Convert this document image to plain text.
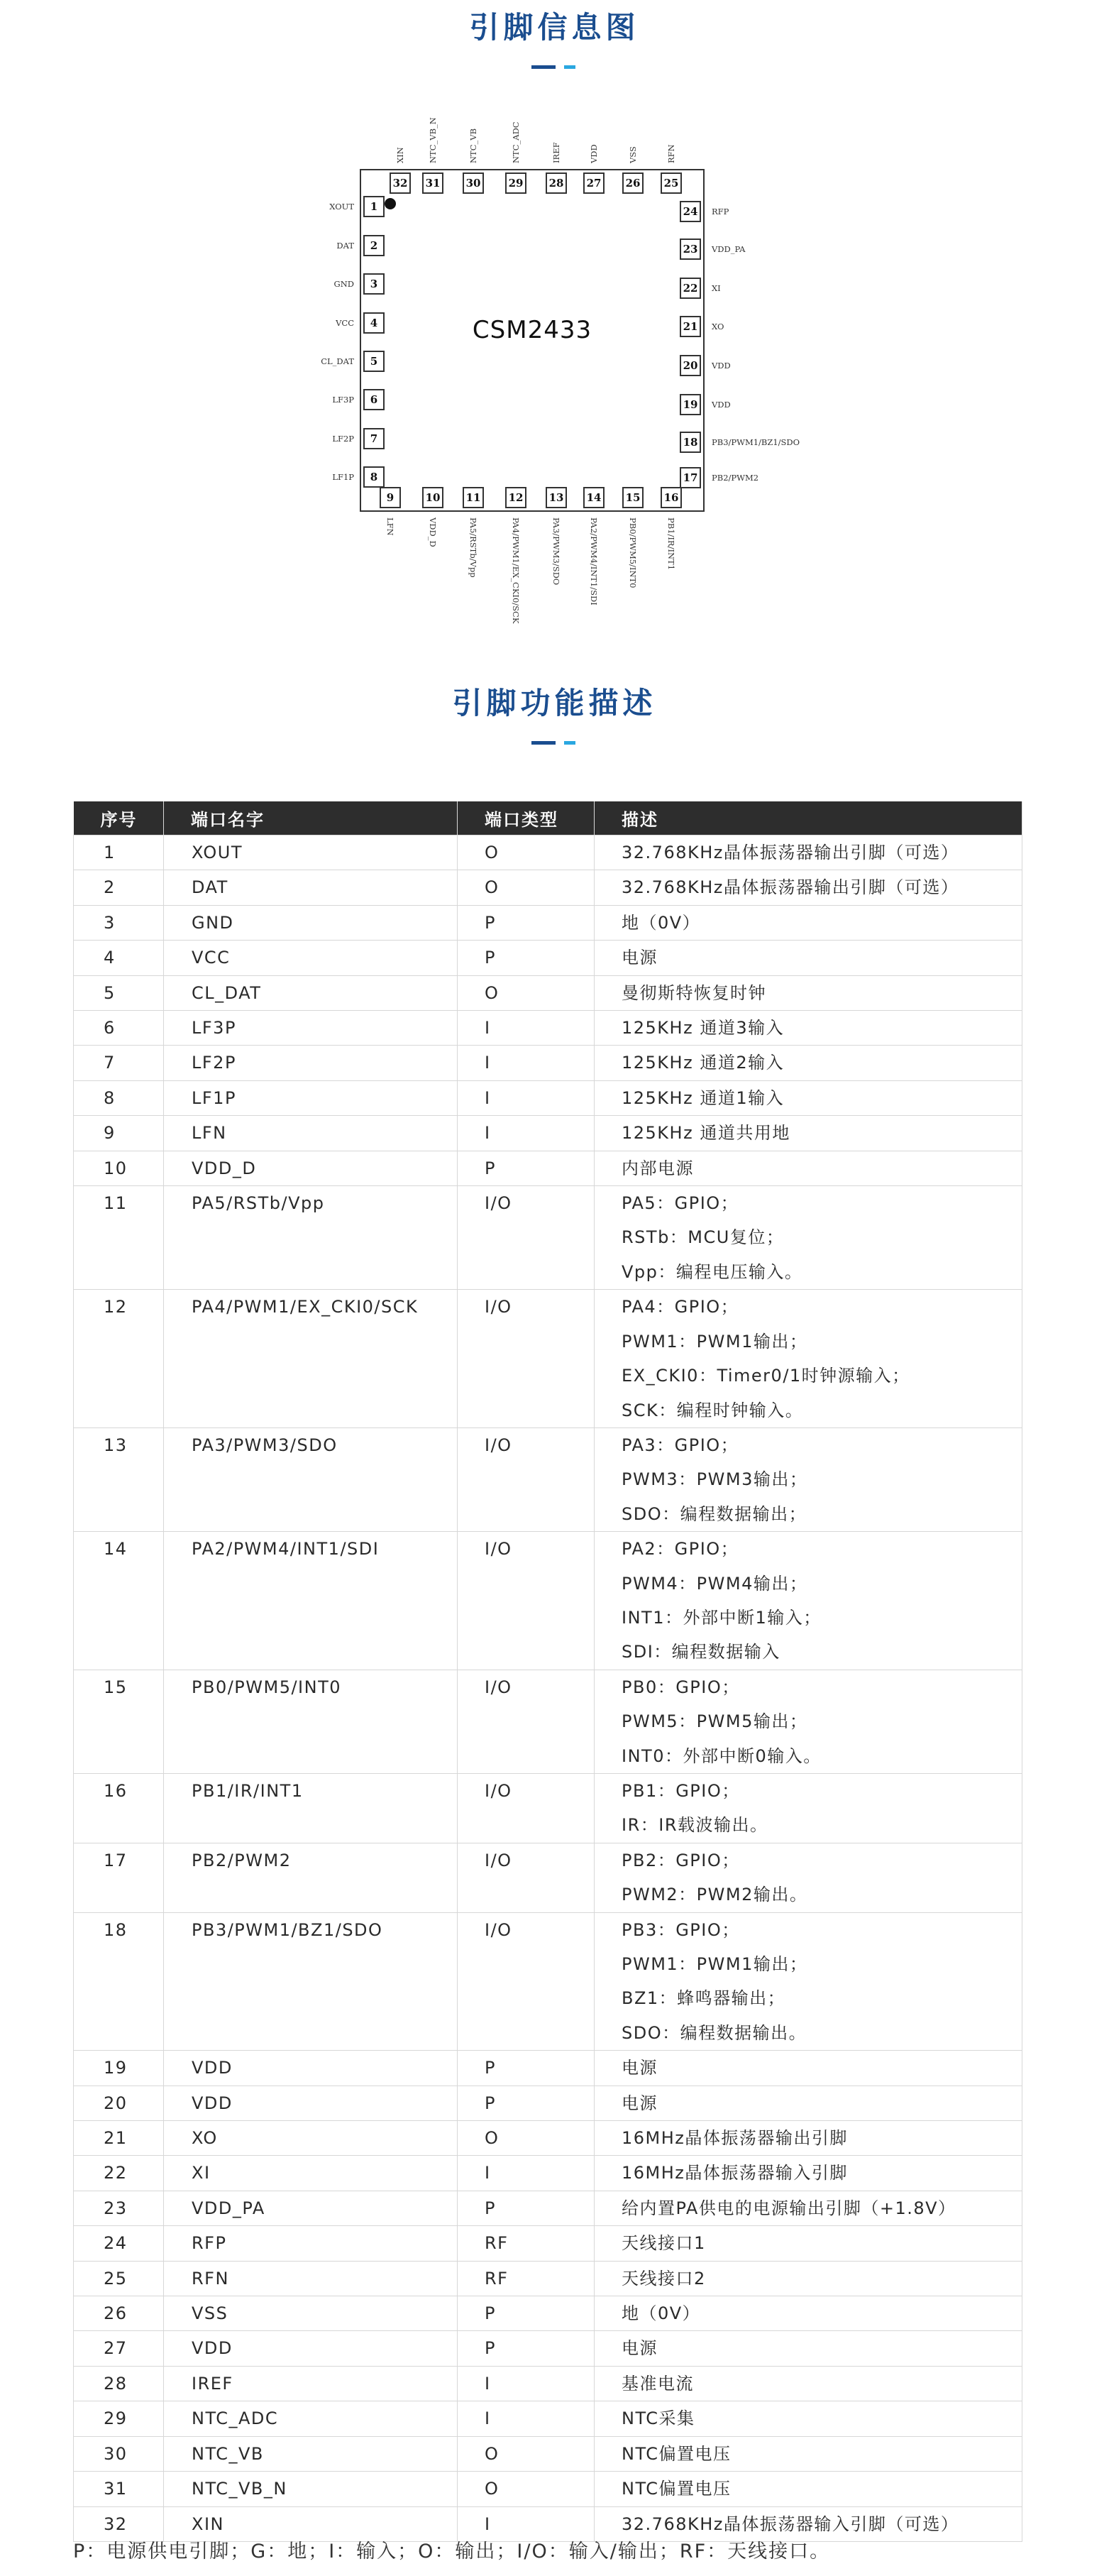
引脚信息图
CSM2433
1
XOUT
2
DAT
3
GND
4
VCC
5
CL_DAT
6
LF3P
7
LF2P
8
LF1P
9
LFN
10
VDD_D
11
PA5/RSTb/Vpp
12
PA4/PWM1/EX_CKI0/SCK
13
PA3/PWM3/SDO
14
PA2/PWM4/INT1/SDI
15
PB0/PWM5/INT0
16
PB1/IR/INT1
17	PB2/PWM2
18	PB3/PWM1/BZ1/SDO
19	VDD
20	VDD
21	XO
22	XI
23	VDD_PA
24	RFP
25
RFN
26
VSS
27
VDD
28
IREF
29
NTC_ADC
30
NTC_VB
31
NTC_VB_N
32
XIN
引脚功能描述
序号	端口名字	端口类型	描述
1	XOUT	O	32.768KHz晶体振荡器输出引脚（可选）

2	DAT	O	32.768KHz晶体振荡器输出引脚（可选）

3	GND	P	地（0V）

4	VCC	P	电源

5	CL_DAT	O	曼彻斯特恢复时钟

6	LF3P	I	125KHz 通道3输入

7	LF2P	I	125KHz 通道2输入

8	LF1P	I	125KHz 通道1输入

9	LFN	I	125KHz 通道共用地

10	VDD_D	P	内部电源

11	PA5/RSTb/Vpp	I/O	PA5：GPIO；
RSTb：MCU复位；
Vpp：编程电压输入。

12	PA4/PWM1/EX_CKI0/SCK	I/O	PA4：GPIO；
PWM1：PWM1输出；
EX_CKI0：Timer0/1时钟源输入；
SCK：编程时钟输入。

13	PA3/PWM3/SDO	I/O	PA3：GPIO；
PWM3：PWM3输出；
SDO：编程数据输出；

14	PA2/PWM4/INT1/SDI	I/O	PA2：GPIO；
PWM4：PWM4输出；
INT1：外部中断1输入；
SDI：编程数据输入

15	PB0/PWM5/INT0	I/O	PB0：GPIO；
PWM5：PWM5输出；
INT0：外部中断0输入。

16	PB1/IR/INT1	I/O	PB1：GPIO；
IR：IR载波输出。

17	PB2/PWM2	I/O	PB2：GPIO；
PWM2：PWM2输出。

18	PB3/PWM1/BZ1/SDO	I/O	PB3：GPIO；
PWM1：PWM1输出；
BZ1：蜂鸣器输出；
SDO：编程数据输出。

19	VDD	P	电源

20	VDD	P	电源

21	XO	O	16MHz晶体振荡器输出引脚

22	XI	I	16MHz晶体振荡器输入引脚

23	VDD_PA	P	给内置PA供电的电源输出引脚（+1.8V）

24	RFP	RF	天线接口1

25	RFN	RF	天线接口2

26	VSS	P	地（0V）

27	VDD	P	电源

28	IREF	I	基准电流

29	NTC_ADC	I	NTC采集

30	NTC_VB	O	NTC偏置电压

31	NTC_VB_N	O	NTC偏置电压

32	XIN	I	32.768KHz晶体振荡器输入引脚（可选）
P：电源供电引脚；G：地；I：输入；O：输出；I/O：输入/输出；RF：天线接口。
